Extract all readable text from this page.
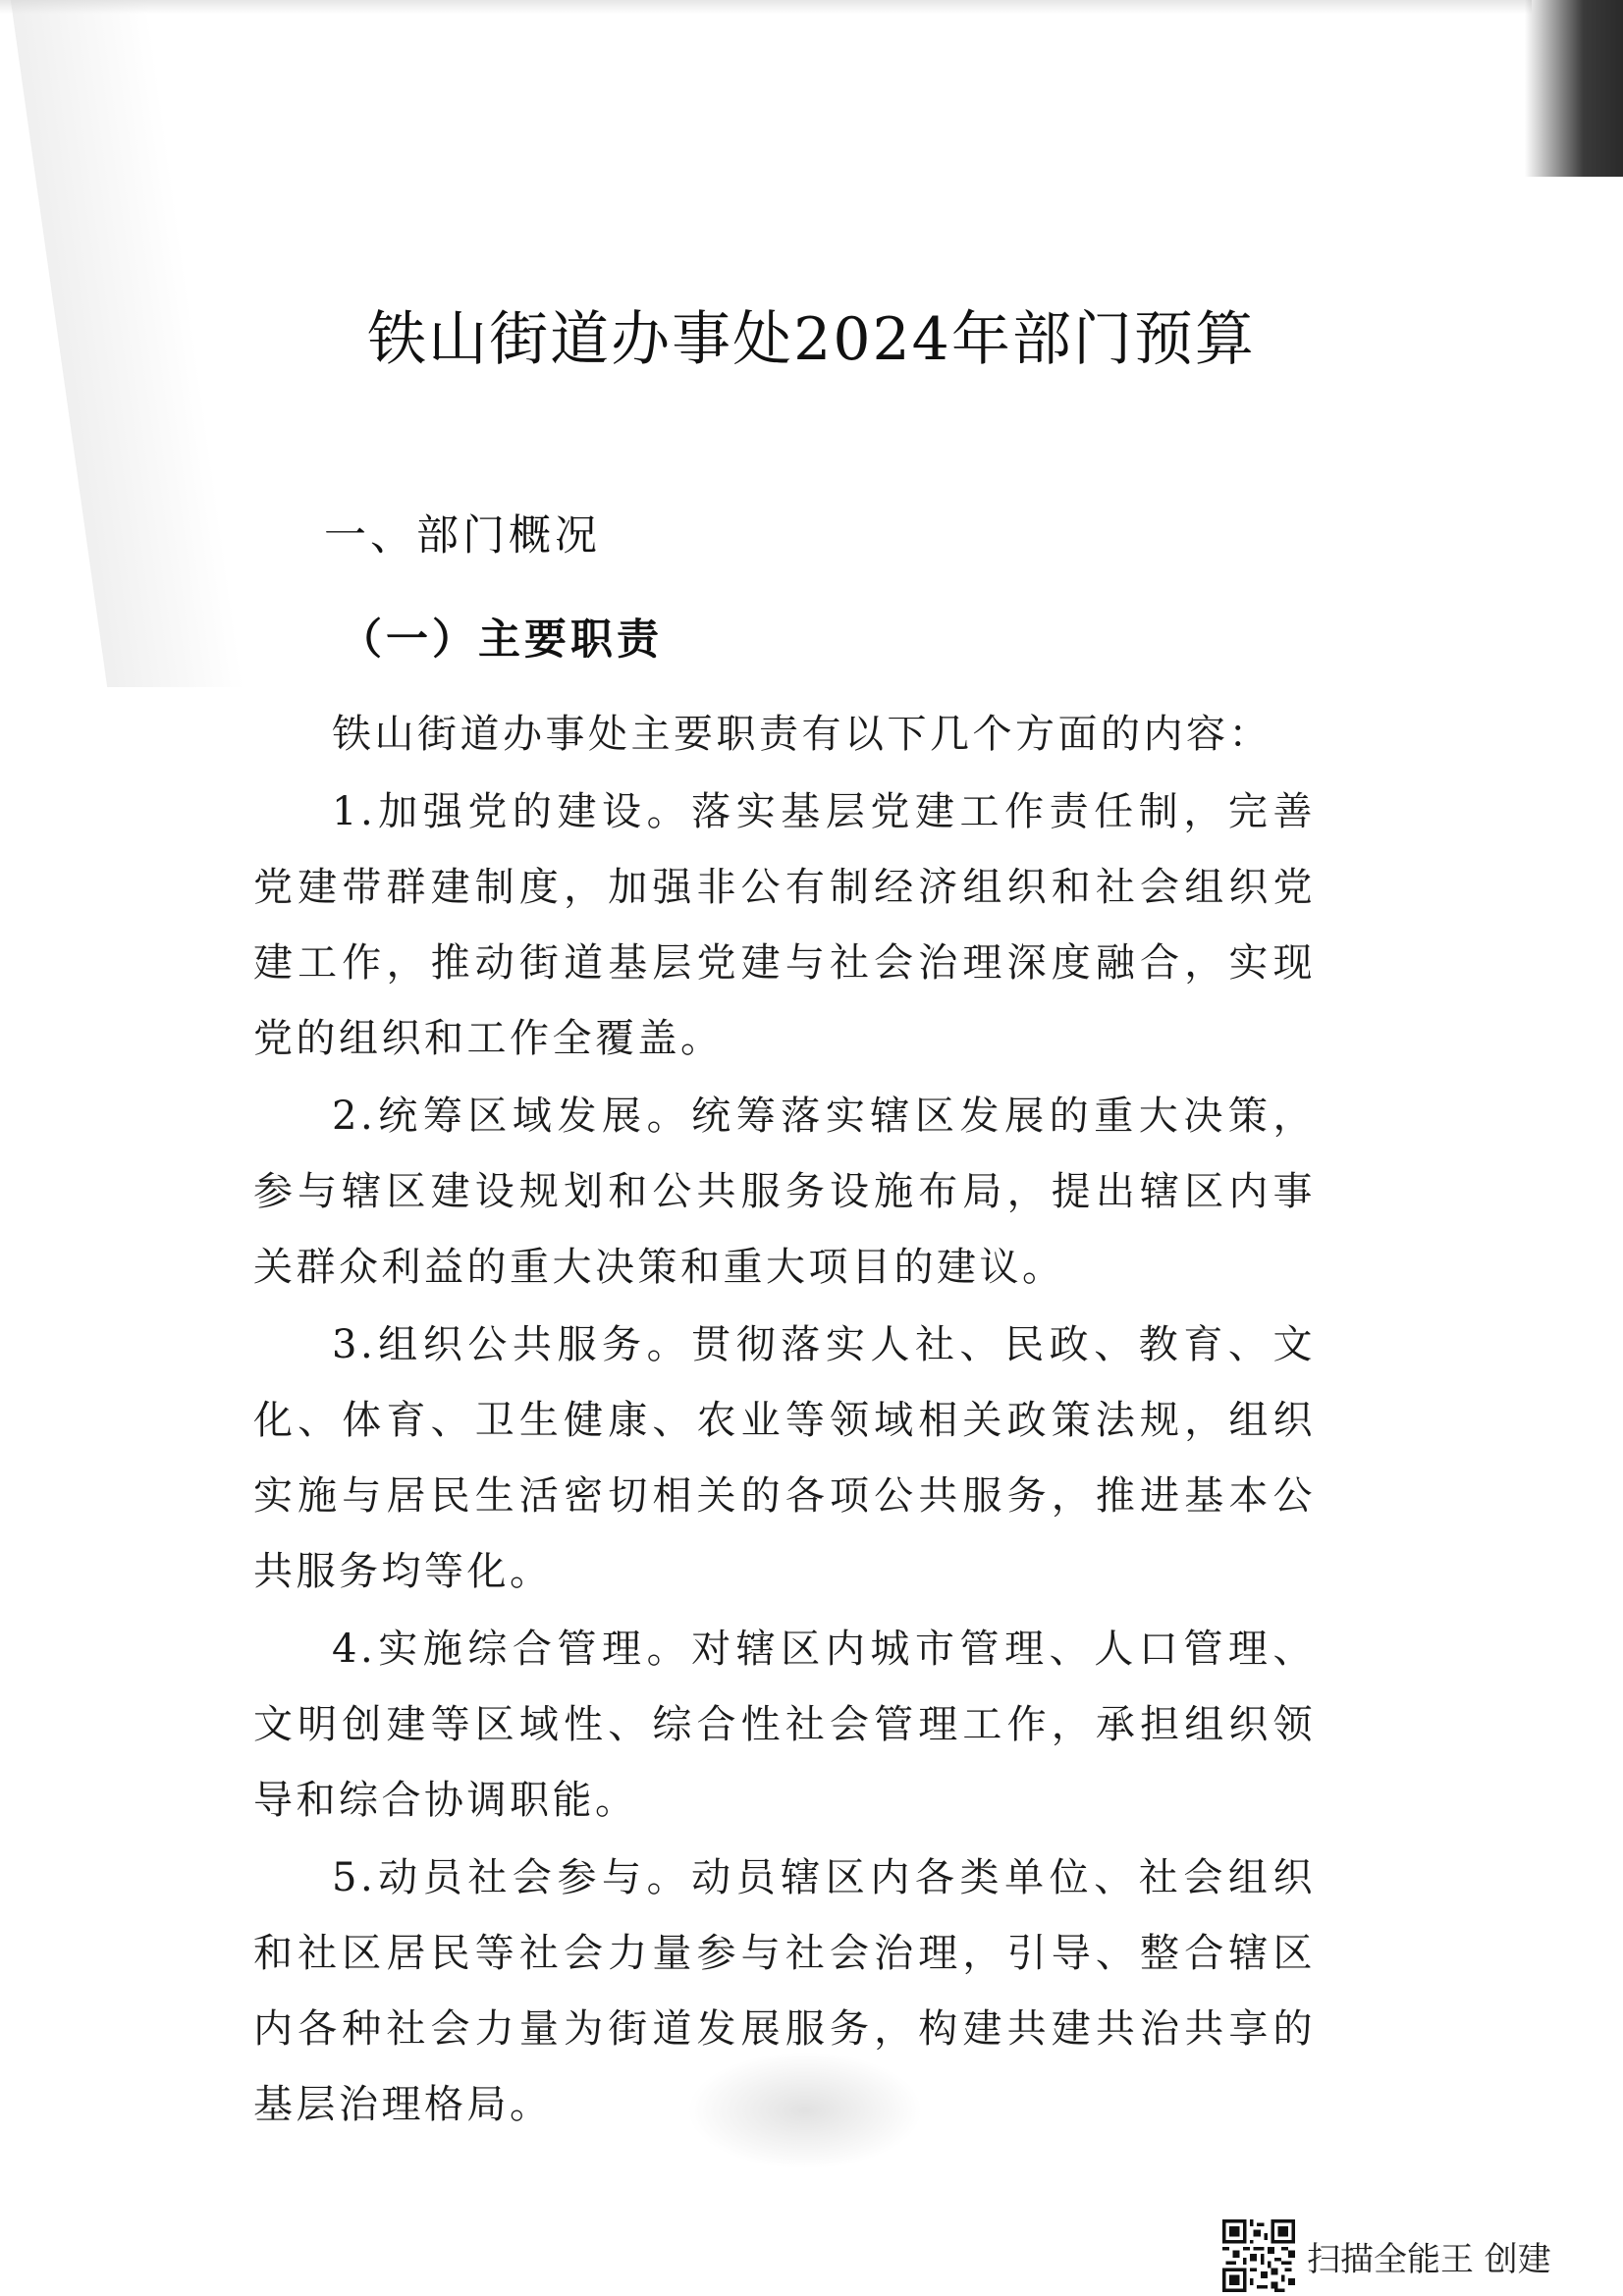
铁山街道办事处2024年部门预算
一、部门概况
（一）主要职责

铁山街道办事处主要职责有以下几个方面的内容：

1.加强党的建设。落实基层党建工作责任制，完善党建带群建制度，加强非公有制经济组织和社会组织党建工作，推动街道基层党建与社会治理深度融合，实现党的组织和工作全覆盖。

2.统筹区域发展。统筹落实辖区发展的重大决策，参与辖区建设规划和公共服务设施布局，提出辖区内事关群众利益的重大决策和重大项目的建议。

3.组织公共服务。贯彻落实人社、民政、教育、文化、体育、卫生健康、农业等领域相关政策法规，组织实施与居民生活密切相关的各项公共服务，推进基本公共服务均等化。

4.实施综合管理。对辖区内城市管理、人口管理、文明创建等区域性、综合性社会管理工作，承担组织领导和综合协调职能。

5.动员社会参与。动员辖区内各类单位、社会组织和社区居民等社会力量参与社会治理，引导、整合辖区内各种社会力量为街道发展服务，构建共建共治共享的基层治理格局。

扫描全能王 创建
